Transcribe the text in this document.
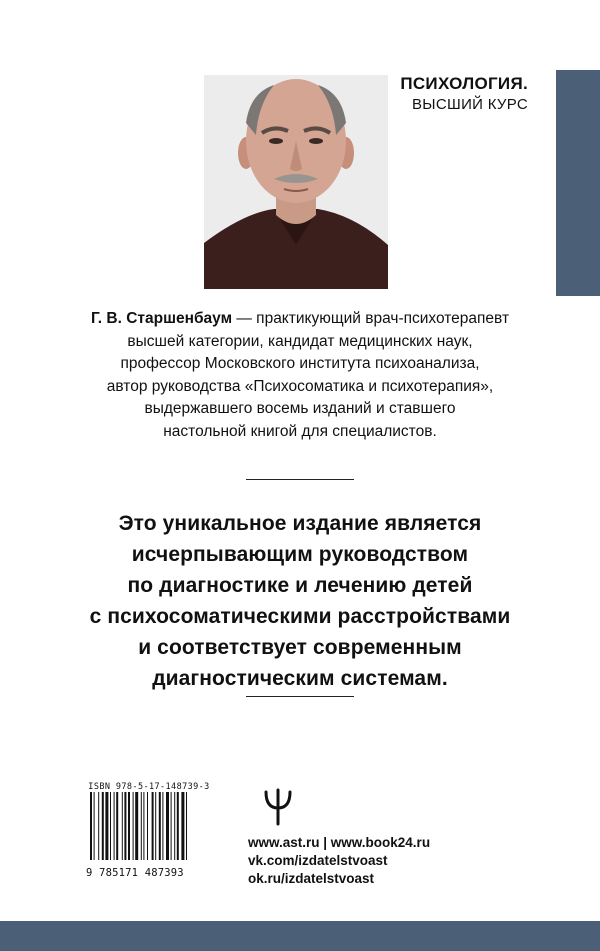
ПСИХОЛОГИЯ.
ВЫСШИЙ КУРС
Г. В. Старшенбаум — практикующий врач-психотерапевт
высшей категории, кандидат медицинских наук,
профессор Московского института психоанализа,
автор руководства «Психосоматика и психотерапия»,
выдержавшего восемь изданий и ставшего
настольной книгой для специалистов.
Это уникальное издание является
исчерпывающим руководством
по диагностике и лечению детей
с психосоматическими расстройствами
и соответствует современным
диагностическим системам.
ISBN 978-5-17-148739-3
9 785171 487393
www.ast.ru | www.book24.ru
vk.com/izdatelstvoast
ok.ru/izdatelstvoast
